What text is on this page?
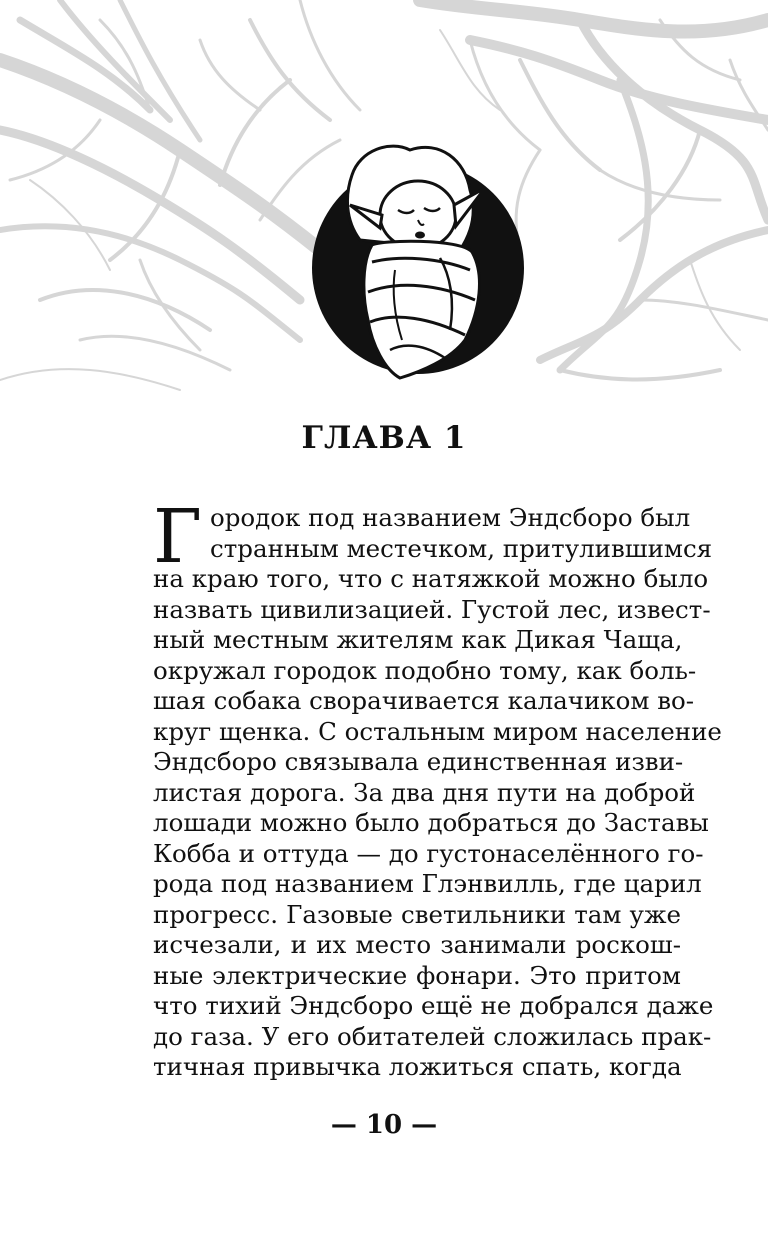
ГЛАВА 1
Г ородок под названием Эндсборо был
странным местечком, притулившимся
на краю того, что с натяжкой можно было
назвать цивилизацией. Густой лес, извест-
ный местным жителям как Дикая Чаща,
окружал городок подобно тому, как боль-
шая собака сворачивается калачиком во-
круг щенка. С остальным миром население
Эндсборо связывала единственная изви-
листая дорога. За два дня пути на доброй
лошади можно было добраться до Заставы
Кобба и оттуда — до густонаселённого го-
рода под названием Глэнвилль, где царил
прогресс. Газовые светильники там уже
исчезали, и их место занимали роскош-
ные электрические фонари. Это притом
что тихий Эндсборо ещё не добрался даже
до газа. У его обитателей сложилась прак-
тичная привычка ложиться спать, когда
— 10 —
